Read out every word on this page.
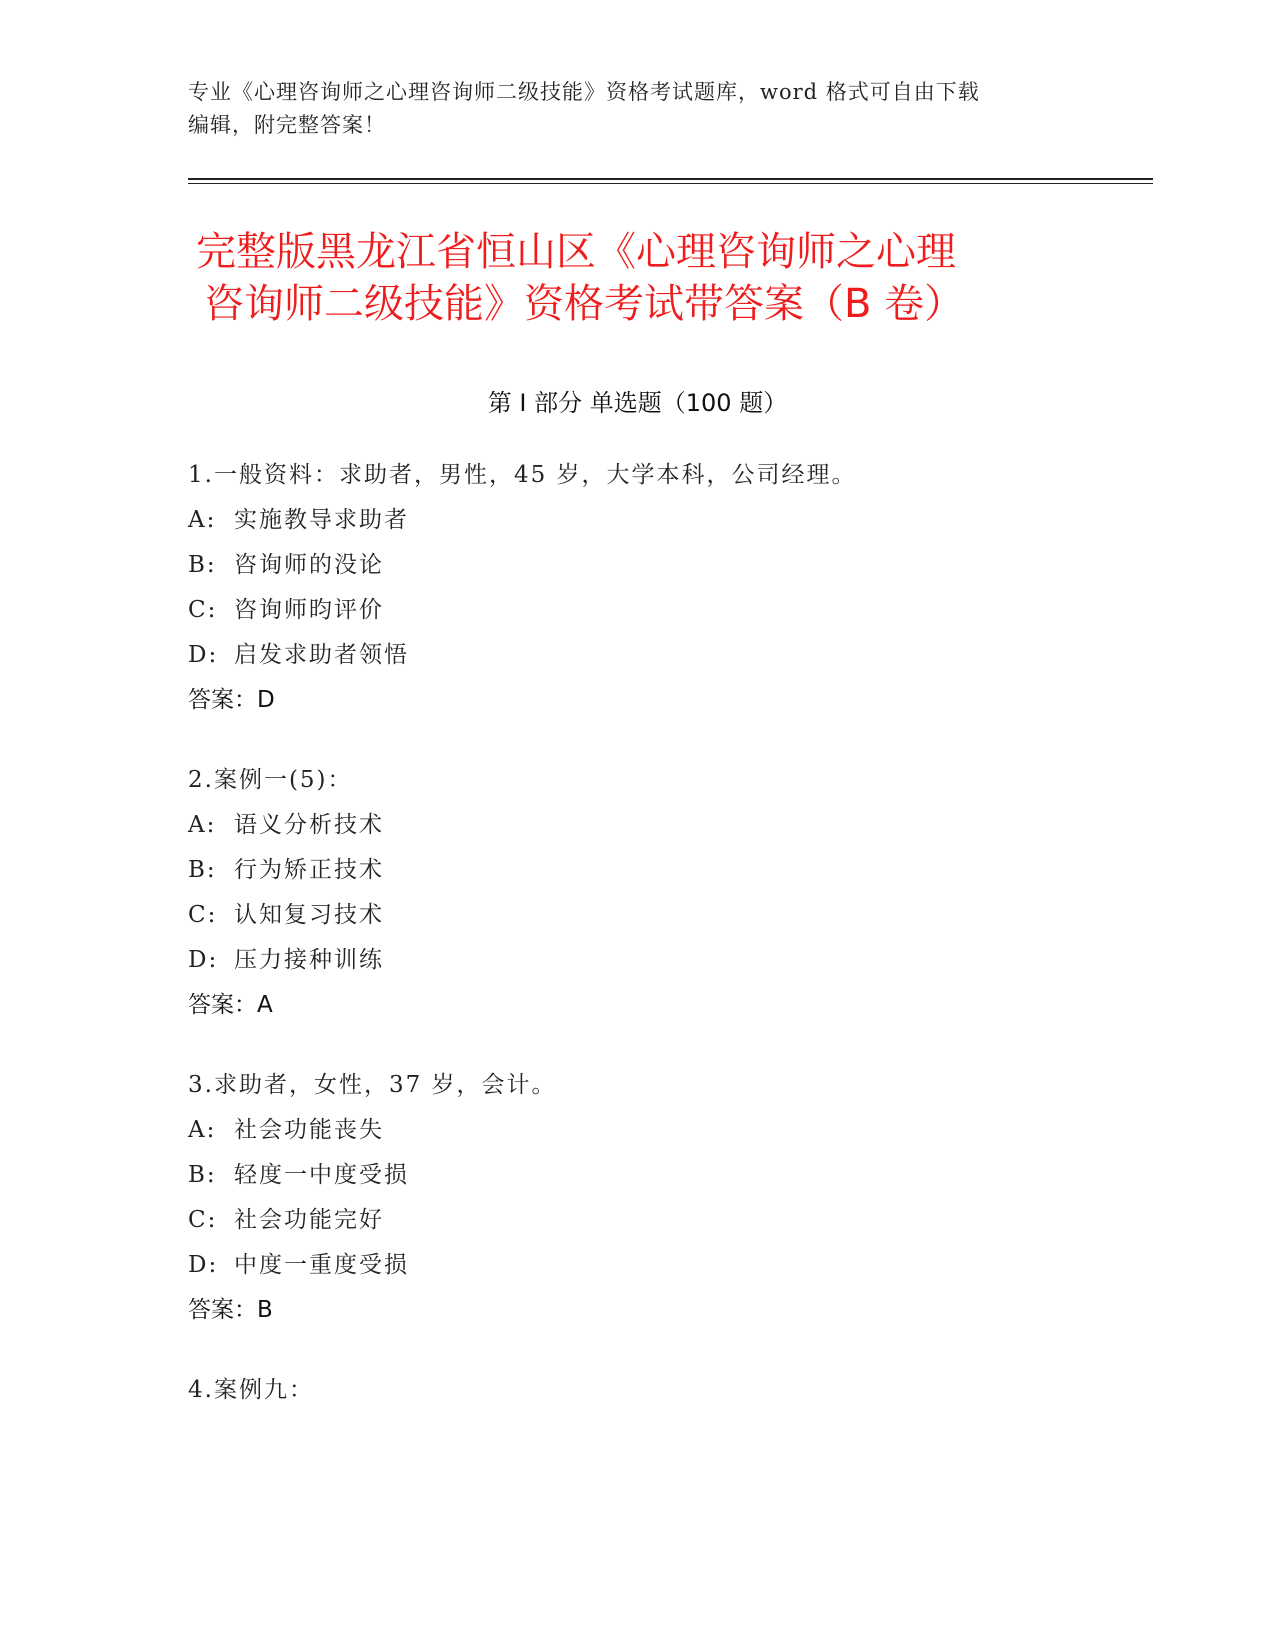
专业《心理咨询师之心理咨询师二级技能》资格考试题库，word 格式可自由下载
编辑，附完整答案！
完整版黑龙江省恒山区《心理咨询师之心理
咨询师二级技能》资格考试带答案（B 卷）
第 I 部分 单选题（100 题）
1.一般资料：求助者，男性，45 岁，大学本科，公司经理。
A: 实施教导求助者
B: 咨询师的没论
C: 咨询师昀评价
D: 启发求助者领悟
答案：D
2.案例一(5)：
A: 语义分析技术
B: 行为矫正技术
C: 认知复习技术
D: 压力接种训练
答案：A
3.求助者，女性，37 岁，会计。
A: 社会功能丧失
B: 轻度一中度受损
C: 社会功能完好
D: 中度一重度受损
答案：B
4.案例九：
